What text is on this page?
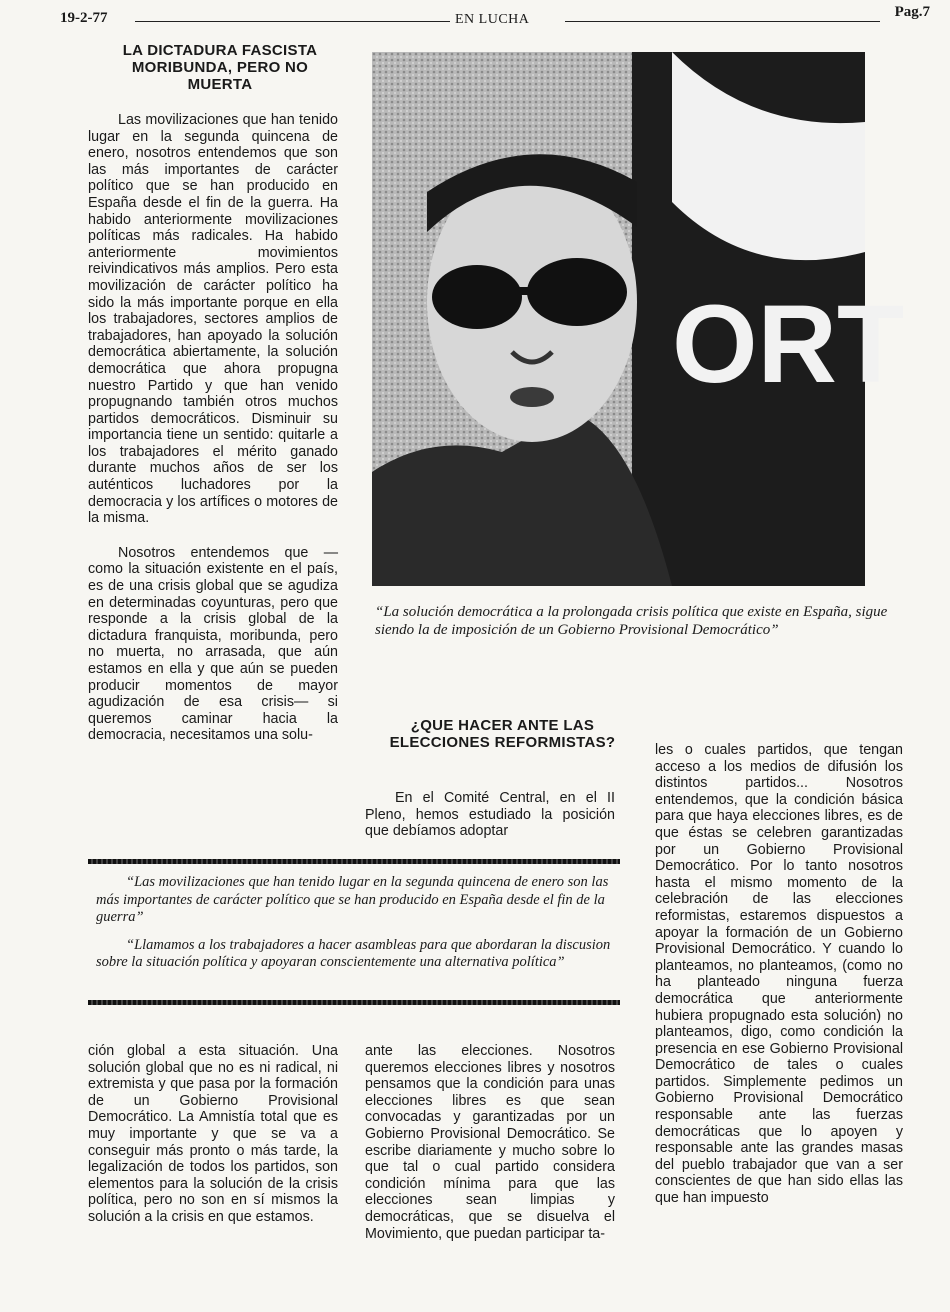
19-2-77	EN LUCHA	Pag.7
LA DICTADURA FASCISTA MORIBUNDA, PERO NO MUERTA

Las movilizaciones que han tenido lugar en la segunda quincena de enero, nosotros entendemos que son las más importantes de carácter político que se han producido en España desde el fin de la guerra. Ha habido anteriormente movilizaciones políticas más radicales. Ha habido anteriormente movimientos reivindicativos más amplios. Pero esta movilización de carácter político ha sido la más importante porque en ella los trabajadores, sectores amplios de trabajadores, han apoyado la solución democrática abiertamente, la solución democrática que ahora propugna nuestro Partido y que han venido propugnando también otros muchos partidos democráticos. Disminuir su importancia tiene un sentido: quitarle a los trabajadores el mérito ganado durante muchos años de ser los auténticos luchadores por la democracia y los artífices o motores de la misma.

Nosotros entendemos que —como la situación existente en el país, es de una crisis global que se agudiza en determinadas coyunturas, pero que responde a la crisis global de la dictadura franquista, moribunda, pero no muerta, no arrasada, que aún estamos en ella y que aún se pueden producir momentos de mayor agudización de esa crisis— si queremos caminar hacia la democracia, necesitamos una solu-

ORT
“La solución democrática a la prolongada crisis política que existe en España, sigue siendo la de imposición de un Gobierno Provisional Democrático”
¿QUE HACER ANTE LAS ELECCIONES REFORMISTAS?

En el Comité Central, en el II Pleno, hemos estudiado la posición que debíamos adoptar

les o cuales partidos, que tengan acceso a los medios de difusión los distintos partidos... Nosotros entendemos, que la condición básica para que haya elecciones libres, es de que éstas se celebren garantizadas por un Gobierno Provisional Democrático. Por lo tanto nosotros hasta el mismo momento de la celebración de las elecciones reformistas, estaremos dispuestos a apoyar la formación de un Gobierno Provisional Democrático. Y cuando lo planteamos, no planteamos, (como no ha planteado ninguna fuerza democrática que anteriormente hubiera propugnado esta solución) no planteamos, digo, como condición la presencia en ese Gobierno Provisional Democrático de tales o cuales partidos. Simplemente pedimos un Gobierno Provisional Democrático responsable ante las fuerzas democráticas que lo apoyen y responsable ante las grandes masas del pueblo trabajador que van a ser conscientes de que han sido ellas las que han impuesto

“Las movilizaciones que han tenido lugar en la segunda quincena de enero son las más importantes de carácter político que se han producido en España desde el fin de la guerra”

“Llamamos a los trabajadores a hacer asambleas para que abordaran la discusion sobre la situación política y apoyaran conscientemente una alternativa política”

ción global a esta situación. Una solución global que no es ni radical, ni extremista y que pasa por la formación de un Gobierno Provisional Democrático. La Amnistía total que es muy importante y que se va a conseguir más pronto o más tarde, la legalización de todos los partidos, son elementos para la solución de la crisis política, pero no son en sí mismos la solución a la crisis en que estamos.

ante las elecciones. Nosotros queremos elecciones libres y nosotros pensamos que la condición para unas elecciones libres es que sean convocadas y garantizadas por un Gobierno Provisional Democrático. Se escribe diariamente y mucho sobre lo que tal o cual partido considera condición mínima para que las elecciones sean limpias y democráticas, que se disuelva el Movimiento, que puedan participar ta-
